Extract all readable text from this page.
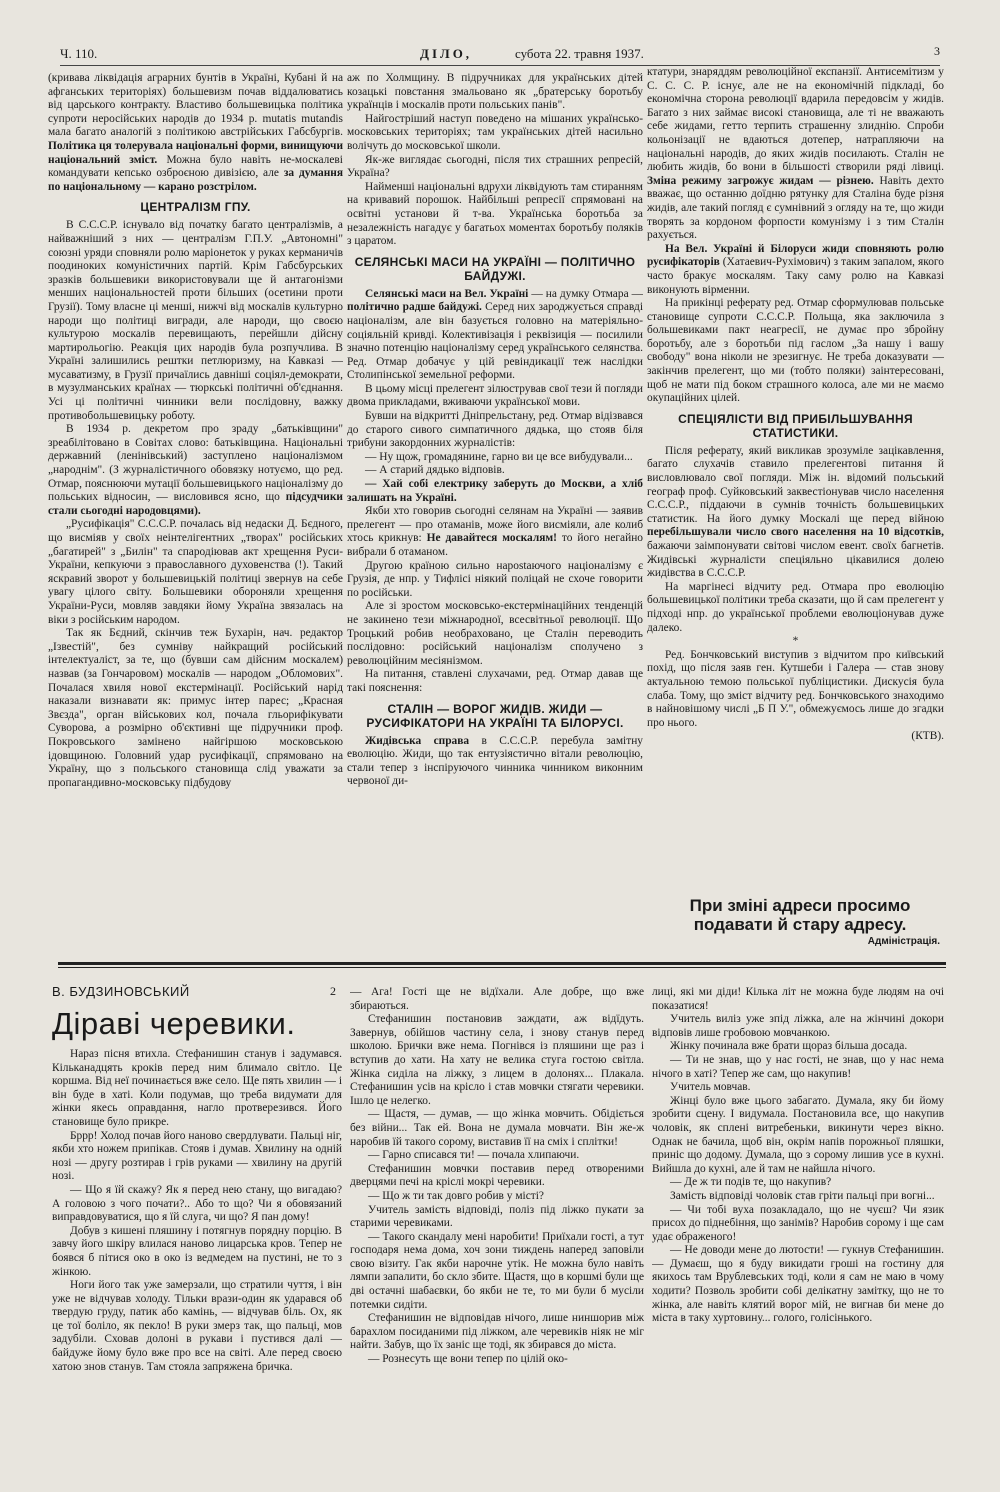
Ч. 110.	ДІЛО,	субота 22. травня 1937.	3

(кривава ліквідація аграрних бунтів в Україні, Кубані й на афганських територіях) большевизм почав віддалюватись від царського контракту. Властиво большевицька політика супроти неросійських народів до 1934 р. mutatis mutandis мала багато аналогій з політикою австрійських Габсбургів. Політика ця толерувала національні форми, винищуючи національний зміст. Можна було навіть не-москалеві командувати кепсько озброєною дивізією, але за думання по національному — карано розстрілом.

ЦЕНТРАЛІЗМ ГПУ.

В С.С.С.Р. існувало від початку багато централізмів, а найважніший з них — централізм Г.П.У. „Автономні" союзні уряди сповняли ролю маріонеток у руках керманичів поодиноких комуністичних партій. Крім Габсбурських зразків большевики використовували ще й антагонізми менших національностей проти більших (осетини проти Грузії). Тому власне ці менші, нижчі від москалів культурно народи що політиці вигради, але народи, що своєю культурою москалів перевищають, перейшли дійсну мартирольогію. Реакція цих народів була розпучлива. В Україні залишились рештки петлюризму, на Кавказі — мусаватизму, в Грузії причаїлись давніші соціял-демократи, в музулманських країнах — тюркські політичні об'єднання. Усі ці політичні чинники вели послідовну, важку противобольшевицьку роботу.

В 1934 р. декретом про зраду „батьківщини" зреабілітовано в Совітах слово: батьківщина. Національні державний (ленінівський) заступлено націоналізмом „народнім". (З журналістичного обовязку нотуємо, що ред. Отмар, пояснюючи мутації большевицького націоналізму до польських відносин, — висловився ясно, що підсудчики стали сьогодні народовцями).

„Русифікація" С.С.С.Р. почалась від недаски Д. Бєдного, що висміяв у своїх неінтелігентних „творах" російських „багатирей" з „Билін" та спародіював акт хрещення Руси-України, кепкуючи з православного духовенства (!). Такий яскравий зворот у большевицькій політиці звернув на себе увагу цілого світу. Большевики обороняли хрещення України-Руси, мовляв завдяки йому Україна звязалась на віки з російським народом.

Так як Бєдний, скінчив теж Бухарін, нач. редактор „Ізвестій", без сумніву найкращий російський інтелектуаліст, за те, що (бувши сам дійсним москалем) назвав (за Гончаровом) москалів — народом „Обломових". Почалася хвиля нової екстермінації. Російський нарід наказали визнавати як: примус інтер парес; „Красная Звєзда", орган військових кол, почала гльорифікувати Суворова, а розмірно об'єктивні ще підручники проф. Покровського замінено найгіршою московською ідовщиною. Головний удар русифікації, спрямовано на Україну, що з польського становища слід уважати за пропагандивно-московську підбудову

аж по Холмщину. В підручниках для українських дітей козацькі повстання змальовано як „братерську боротьбу українців і москалів проти польських панів".

Найгостріший наступ поведено на мішаних українсько-московських територіях; там українських дітей насильно волічуть до московської школи.

Як-же виглядає сьогодні, після тих страшних репресій, Україна?

Найменші національні вдрухи ліквідують там стиранням на кривавий порошок. Найбільші репресії спрямовані на освітні установи й т-ва. Українська боротьба за незалежність нагадує у багатьох моментах боротьбу поляків з царатом.

СЕЛЯНСЬКІ МАСИ НА УКРАЇНІ — ПОЛІТИЧНО БАЙДУЖІ.

Селянські маси на Вел. Україні — на думку Отмара — політично радше байдужі. Серед них зароджується справді націоналізм, але він базується головно на матеріяльно-соціяльній кривді. Колективізація і реквізиція — посилили значно потенцію націоналізму серед українського селянства. Ред. Отмар добачує у цій ревіндикації теж наслідки Столипінської земельної реформи.

В цьому місці прелегент зілюстрував свої тези й погляди двома прикладами, вживаючи української мови.

Бувши на відкритті Дніпрельстану, ред. Отмар відізвався до старого сивого симпатичного дядька, що стояв біля трибуни закордонних журналістів:

— Ну щож, громадянине, гарно ви це все вибудували...

— А старий дядько відповів.

— Хай собі електрику заберуть до Москви, а хліб залишать на Україні.

Якби хто говорив сьогодні селянам на Україні — заявив прелегент — про отаманів, може його висміяли, але колиб хтось крикнув: Не давайтеся москалям! то його негайно вибрали б отаманом.

Другою країною сильно нарostаючого націоналізму є Грузія, де нпр. у Тифлісі ніякий поліцай не схоче говорити по російськи.

Але зі зростом московсько-екстермінаційних тенденцій не закинено тези міжнародної, всесвітньої революції. Що Троцький робив необраховано, це Сталін переводить послідовно: російський націоналізм сполучено з революційним месіянізмом.

На питання, ставлені слухачами, ред. Отмар давав ще такі пояснення:

СТАЛІН — ВОРОГ ЖИДІВ. ЖИДИ — РУСИФІКАТОРИ НА УКРАЇНІ ТА БІЛОРУСІ.

Жидівська справа в С.С.С.Р. перебула замітну еволюцію. Жиди, що так ентузіястично вітали революцію, стали тепер з інспіруючого чинника чинником виконним червоної ди-

ктатури, знаряддям революційної експанзії. Антисемітизм у С. С. С. Р. існує, але не на економічній підкладі, бо економічна сторона революції вдарила передовсім у жидів. Багато з них займає високі становища, але ті не вважають себе жидами, гетто терпить страшенну злиднію. Спроби кольонізації не вдаються дотепер, натрапляючи на національні народів, до яких жидів посилають. Сталін не любить жидів, бо вони в більшості створили ряді лівиці. Зміна режиму загрожує жидам — різнею. Навіть дехто вважає, що останню доїдню рятунку для Сталіна буде різня жидів, але такий погляд є сумнівний з огляду на те, що жиди творять за кордоном форпости комунізму і з тим Сталін рахується.

На Вел. Україні й Білоруси жиди сповняють ролю русифікаторів (Хатаевич-Рухімович) з таким запалом, якого часто бракує москалям. Таку саму ролю на Кавказі виконують вірменни.

На прикінці реферату ред. Отмар сформулював польське становище супроти С.С.С.Р. Польща, яка заключила з большевиками пакт неагресії, не думає про збройну боротьбу, але з боротьби під гаслом „За нашу і вашу свободу" вона ніколи не зрезигнує. Не треба доказувати — закінчив прелегент, що ми (тобто поляки) заінтересовані, щоб не мати під боком страшного колоса, але ми не маємо окупаційних цілей.

СПЕЦІЯЛІСТИ ВІД ПРИБІЛЬШУВАННЯ СТАТИСТИКИ.

Після реферату, який викликав зрозуміле зацікавлення, багато слухачів ставило прелегентові питання й висловлювало свої погляди. Між ін. відомий польський географ проф. Суйковський заквестіонував число населення С.С.С.Р., піддаючи в сумнів точність большевицьких статистик. На його думку Москалі ще перед війною перебільшували число свого населення на 10 відсотків, бажаючи заімпонувати світові числом евент. своїх багнетів. Жидівські журналісти спеціяльно цікавилися долею жидівства в С.С.С.Р.

На маргінесі відчиту ред. Отмара про еволюцію большевицької політики треба сказати, що й сам прелегент у підході нпр. до української проблеми еволюціонував дуже далеко.

*

Ред. Бончковський виступив з відчитом про київський похід, що після заяв ген. Кутшеби і Галера — став знову актуальною темою польської публіцистики. Дискусія була слаба. Тому, що зміст відчиту ред. Бончковського знаходимо в найновішому числі „Б П У.", обмежуємось лише до згадки про нього.

(КТВ).

При зміні адреси просимо
подавати й стару адресу.
Адміністрація.
В. БУДЗИНОВСЬКИЙ	2
Діраві черевики.

Нараз пісня втихла. Стефанишин станув і задумався. Кільканадцять кроків перед ним блимало світло. Це коршма. Від неї починається вже село. Ще пять хвилин — і він буде в хаті. Коли подумав, що треба видумати для жінки якесь оправдання, нагло протверезився. Його становище було прикре.

Бррр! Холод почав його наново свердлувати. Пальці ніг, якби хто ножем припікав. Стояв і думав. Хвилину на одній нозі — другу розтирав і грів руками — хвилину на другій нозі.

— Що я їй скажу? Як я перед нею стану, що вигадаю? А головою з чого почати?.. Або то що? Чи я обовязаний виправдовуватися, що я їй слуга, чи що? Я пан дому!

Добув з кишені пляшину і потягнув порядну порцію. В завчу його шкіру влилася наново лицарська кров. Тепер не боявся б пітися око в око із ведмедем на пустині, не то з жінкою.

Ноги його так уже замерзали, що стратили чуття, і він уже не відчував холоду. Тільки врази-один як ударався об твердую груду, патик або камінь, — відчував біль. Ох, як це тої боліло, як пекло! В руки змерз так, що пальці, мов задубіли. Сховав долоні в рукави і пустився далі — байдуже йому було вже про все на світі. Але перед своєю хатою знов станув. Там стояла запряжена бричка.

— Ага! Гості ще не відїхали. Але добре, що вже збираються.

Стефанишин постановив заждати, аж відїдуть. Завернув, обійшов частину села, і знову станув перед школою. Брички вже нема. Погнівся із пляшини ще раз і вступив до хати. На хату не велика стуга гостою світла. Жінка сиділа на ліжку, з лицем в долонях... Плакала. Стефанишин усів на крісло і став мовчки стягати черевики. Ішло це нелегко.

— Щастя, — думав, — що жінка мовчить. Обідіється без війни... Так ей. Вона не думала мовчати. Він же-ж наробив їй такого сорому, виставив її на сміх і сплітки!

— Гарно списався ти! — почала хлипаючи.

Стефанишин мовчки поставив перед отвореними дверцями печі на кріслі мокрі черевики.

— Що ж ти так довго робив у місті?

Учитель замість відповіді, поліз під ліжко пукати за старими черевиками.

— Такого скандалу мені наробити! Приїхали гості, а тут господаря нема дома, хоч зони тиждень наперед заповіли свою візиту. Гак якби нарочне утік. Не можна було навіть лямпи запалити, бо скло збите. Щастя, що в коршмі були ще дві остачні шабаєвки, бо якби не те, то ми були б мусіли потемки сидіти.

Стефанишин не відповідав нічого, лише ниншорив між барахлом посиданими під ліжком, але черевиків ніяк не міг найти. Забув, що їх заніс ще тоді, як збирався до міста.

— Рознесуть ще вони тепер по цілій око-

лиці, які ми діди! Кілька літ не можна буде людям на очі показатися!

Учитель виліз уже зпід ліжка, але на жінчині докори відповів лише гробовою мовчанкою.

Жінку починала вже брати щораз більша досада.

— Ти не знав, що у нас гості, не знав, що у нас нема нічого в хаті? Тепер же сам, що накупив!

Учитель мовчав.

Жінці було вже цього забагато. Думала, яку би йому зробити сцену. І видумала. Постановила все, що накупив чоловік, як сплені витребеньки, викинути через вікно. Однак не бачила, щоб він, окрім напів порожньої пляшки, приніс що додому. Думала, що з сорому лишив усе в кухні. Вийшла до кухні, але й там не найшла нічого.

— Де ж ти подів те, що накупив?

Замість відповіді чоловік став гріти пальці при вогні...

— Чи тобі вуха позакладало, що не чуєш? Чи язик присох до піднебіння, що занімів? Наробив сорому і ще сам удає ображеного!

— Не доводи мене до лютости! — гукнув Стефанишин. — Думаєш, що я буду викидати гроші на гостину для якихось там Врублевських тоді, коли я сам не маю в чому ходити? Позволь зробити собі делікатну замітку, що не то жінка, але навіть клятий ворог мій, не вигнав би мене до міста в таку хуртовину... голого, голісінького.
